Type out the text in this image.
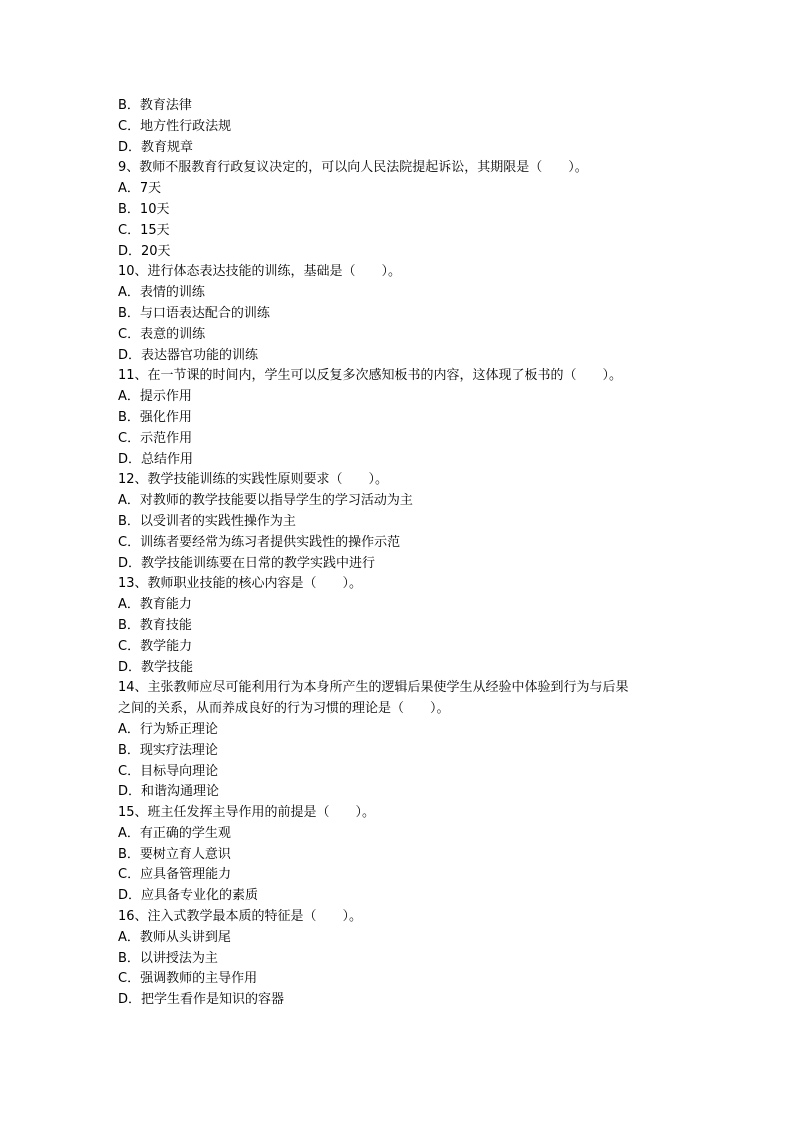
B．教育法律
C．地方性行政法规
D．教育规章
9、教师不服教育行政复议决定的，可以向人民法院提起诉讼，其期限是（　　）。
A．7天
B．10天
C．15天
D．20天
10、进行体态表达技能的训练，基础是（　　）。
A．表情的训练
B．与口语表达配合的训练
C．表意的训练
D．表达器官功能的训练
11、在一节课的时间内，学生可以反复多次感知板书的内容，这体现了板书的（　　）。
A．提示作用
B．强化作用
C．示范作用
D．总结作用
12、教学技能训练的实践性原则要求（　　）。
A．对教师的教学技能要以指导学生的学习活动为主
B．以受训者的实践性操作为主
C．训练者要经常为练习者提供实践性的操作示范
D．教学技能训练要在日常的教学实践中进行
13、教师职业技能的核心内容是（　　）。
A．教育能力
B．教育技能
C．教学能力
D．教学技能
14、主张教师应尽可能利用行为本身所产生的逻辑后果使学生从经验中体验到行为与后果
之间的关系，从而养成良好的行为习惯的理论是（　　）。
A．行为矫正理论
B．现实疗法理论
C．目标导向理论
D．和谐沟通理论
15、班主任发挥主导作用的前提是（　　）。
A．有正确的学生观
B．要树立育人意识
C．应具备管理能力
D．应具备专业化的素质
16、注入式教学最本质的特征是（　　）。
A．教师从头讲到尾
B．以讲授法为主
C．强调教师的主导作用
D．把学生看作是知识的容器
